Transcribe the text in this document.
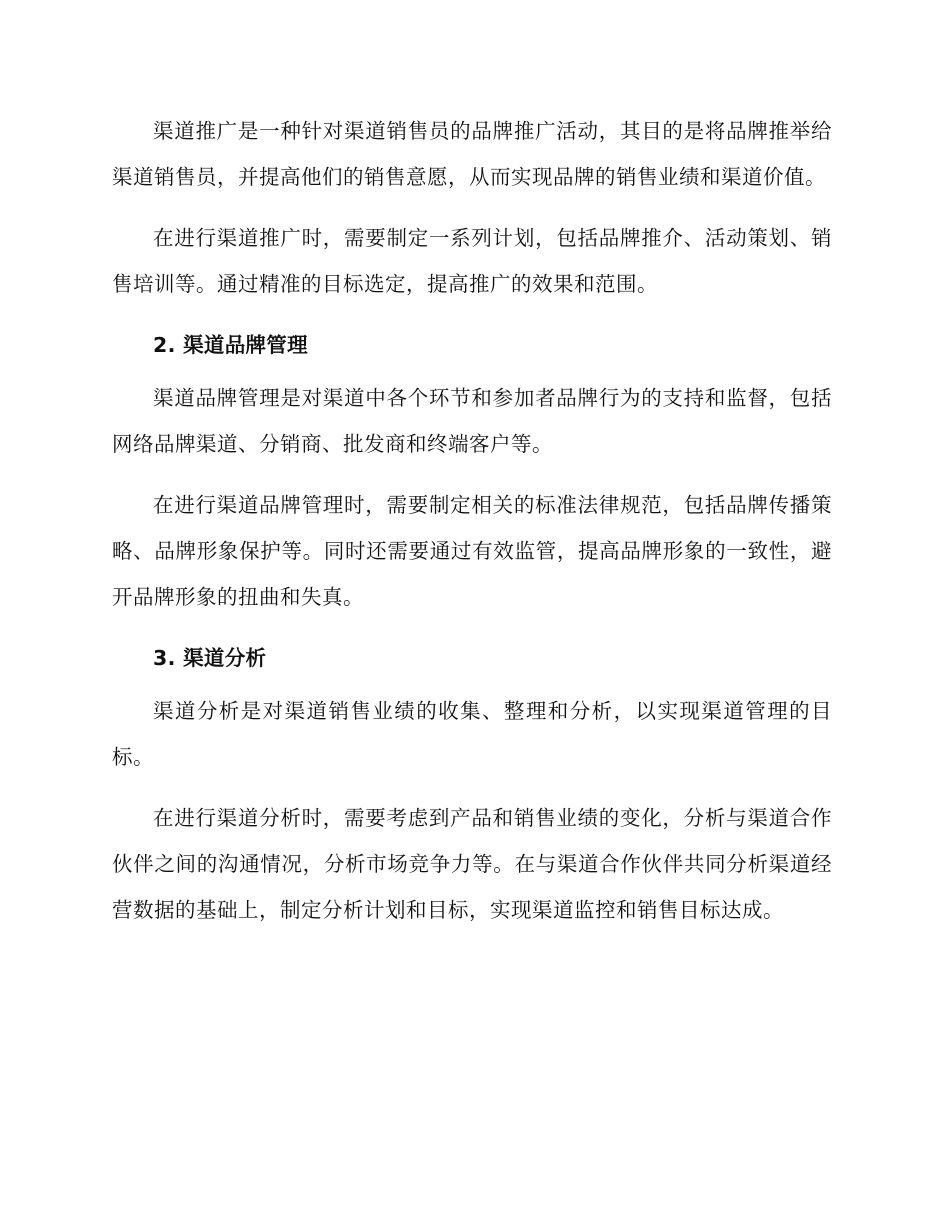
渠道推广是一种针对渠道销售员的品牌推广活动，其目的是将品牌推举给渠道销售员，并提高他们的销售意愿，从而实现品牌的销售业绩和渠道价值。

在进行渠道推广时，需要制定一系列计划，包括品牌推介、活动策划、销售培训等。通过精准的目标选定，提高推广的效果和范围。

2. 渠道品牌管理

渠道品牌管理是对渠道中各个环节和参加者品牌行为的支持和监督，包括网络品牌渠道、分销商、批发商和终端客户等。

在进行渠道品牌管理时，需要制定相关的标准法律规范，包括品牌传播策略、品牌形象保护等。同时还需要通过有效监管，提高品牌形象的一致性，避开品牌形象的扭曲和失真。

3. 渠道分析

渠道分析是对渠道销售业绩的收集、整理和分析，以实现渠道管理的目标。

在进行渠道分析时，需要考虑到产品和销售业绩的变化，分析与渠道合作伙伴之间的沟通情况，分析市场竞争力等。在与渠道合作伙伴共同分析渠道经营数据的基础上，制定分析计划和目标，实现渠道监控和销售目标达成。
